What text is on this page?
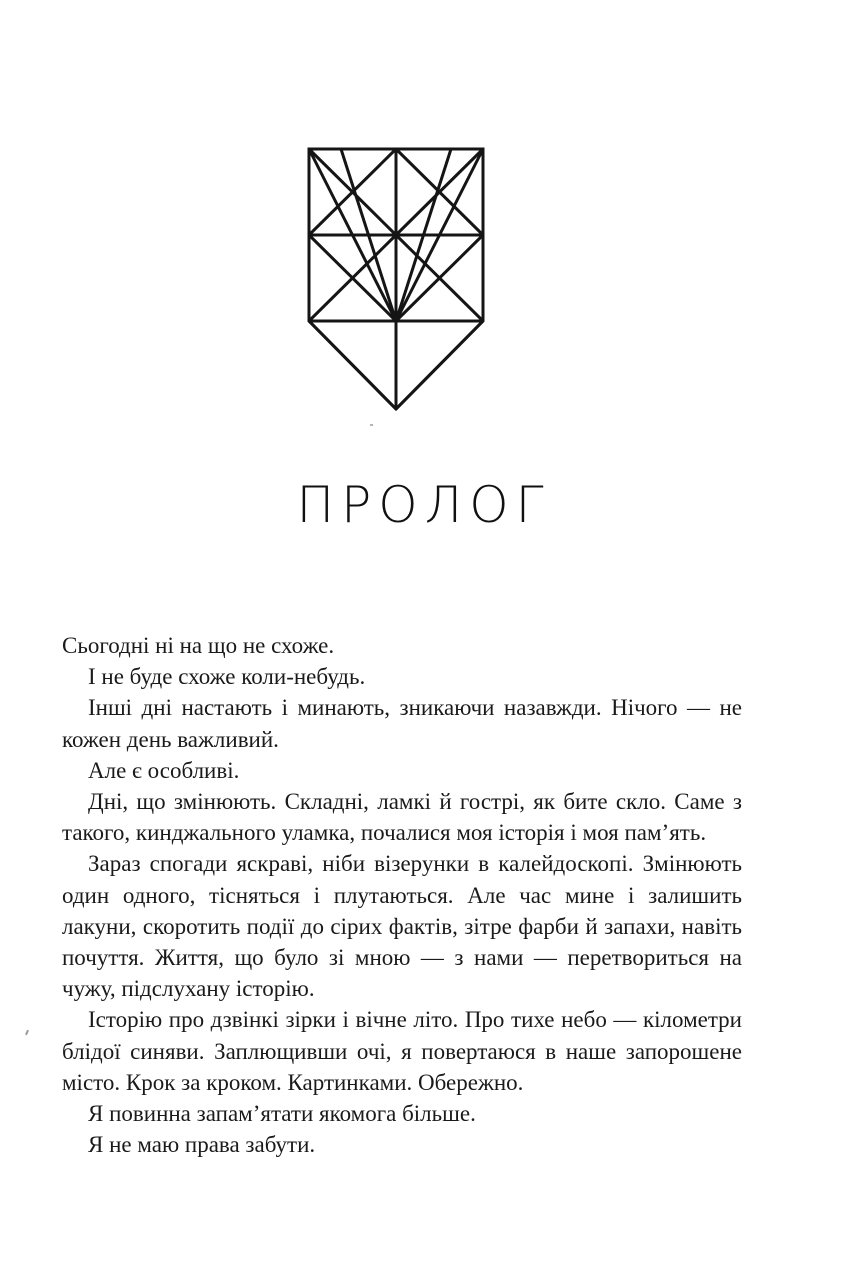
ПРОЛОГ

Сьогодні ні на що не схоже.

І не буде схоже коли-небудь.

Інші дні настають і минають, зникаючи назавжди. Нічого — не кожен день важливий.

Але є особливі.

Дні, що змінюють. Складні, ламкі й гострі, як бите скло. Саме з такого, кинджального уламка, почалися моя історія і моя пам’ять.

Зараз спогади яскраві, ніби візерунки в калейдоскопі. Змінюють один одного, тісняться і плутаються. Але час мине і залишить лакуни, скоротить події до сірих фактів, зітре фарби й запахи, навіть почуття. Життя, що було зі мною — з нами — перетвориться на чужу, підслухану історію.

Історію про дзвінкі зірки і вічне літо. Про тихе небо — кілометри блідої синяви. Заплющивши очі, я повертаюся в наше запорошене місто. Крок за кроком. Картинками. Обережно.

Я повинна запам’ятати якомога більше.

Я не маю права забути.
